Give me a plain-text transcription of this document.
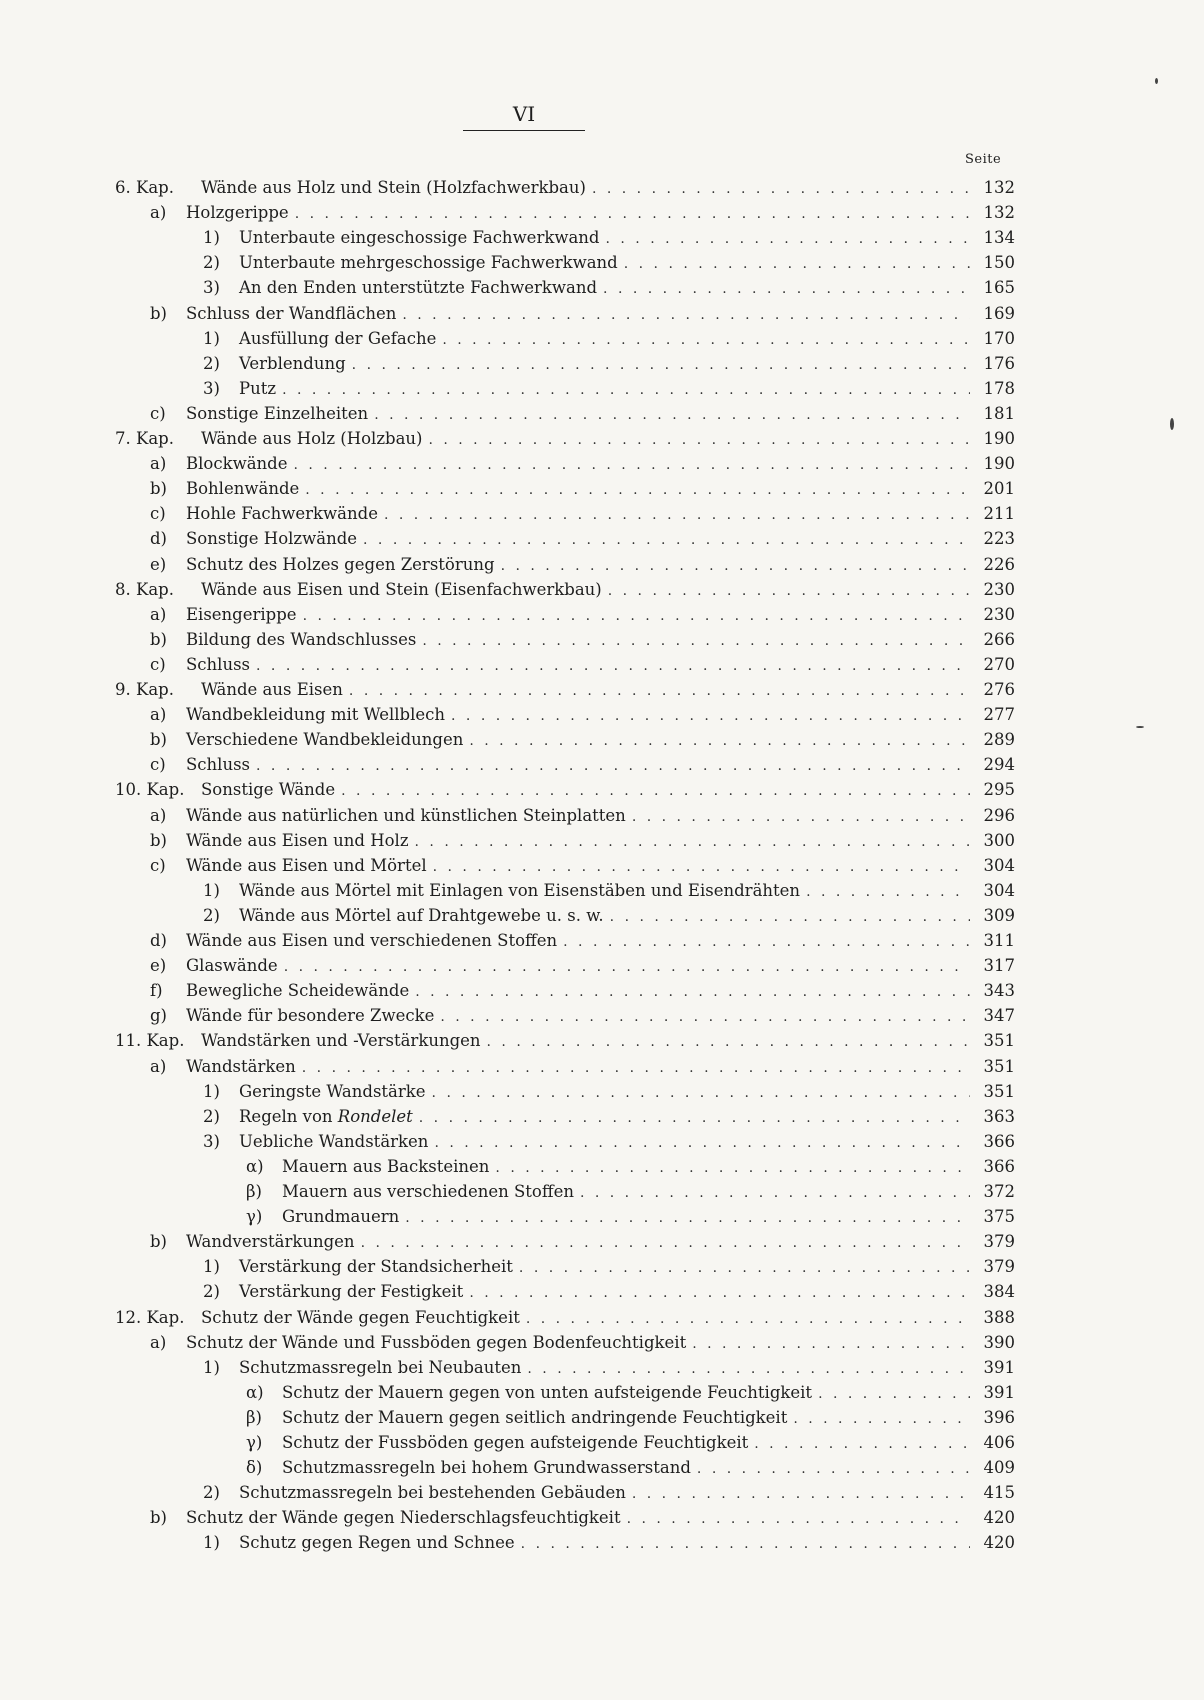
VI
Seite
6. Kap.	Wände aus Holz und Stein (Holzfachwerkbau) . . .	132
a)	Holzgerippe . . .	132
1)	Unterbaute eingeschossige Fachwerkwand . . .	134
2)	Unterbaute mehrgeschossige Fachwerkwand . . .	150
3)	An den Enden unterstützte Fachwerkwand . . .	165
b)	Schluss der Wandflächen . . .	169
1)	Ausfüllung der Gefache . . .	170
2)	Verblendung . . .	176
3)	Putz . . .	178
c)	Sonstige Einzelheiten . . .	181
7. Kap.	Wände aus Holz (Holzbau) . . .	190
a)	Blockwände . . .	190
b)	Bohlenwände . . .	201
c)	Hohle Fachwerkwände . . .	211
d)	Sonstige Holzwände . . .	223
e)	Schutz des Holzes gegen Zerstörung . . .	226
8. Kap.	Wände aus Eisen und Stein (Eisenfachwerkbau) . . .	230
a)	Eisengerippe . . .	230
b)	Bildung des Wandschlusses . . .	266
c)	Schluss . . .	270
9. Kap.	Wände aus Eisen . . .	276
a)	Wandbekleidung mit Wellblech . . .	277
b)	Verschiedene Wandbekleidungen . . .	289
c)	Schluss . . .	294
10. Kap.	Sonstige Wände . . .	295
a)	Wände aus natürlichen und künstlichen Steinplatten . . .	296
b)	Wände aus Eisen und Holz . . .	300
c)	Wände aus Eisen und Mörtel . . .	304
1)	Wände aus Mörtel mit Einlagen von Eisenstäben und Eisendrähten . . .	304
2)	Wände aus Mörtel auf Drahtgewebe u. s. w. . . .	309
d)	Wände aus Eisen und verschiedenen Stoffen . . .	311
e)	Glaswände . . .	317
f)	Bewegliche Scheidewände . . .	343
g)	Wände für besondere Zwecke . . .	347
11. Kap.	Wandstärken und -Verstärkungen . . .	351
a)	Wandstärken . . .	351
1)	Geringste Wandstärke . . .	351
2)	Regeln von Rondelet . . .	363
3)	Uebliche Wandstärken . . .	366
α)	Mauern aus Backsteinen . . .	366
β)	Mauern aus verschiedenen Stoffen . . .	372
γ)	Grundmauern . . .	375
b)	Wandverstärkungen . . .	379
1)	Verstärkung der Standsicherheit . . .	379
2)	Verstärkung der Festigkeit . . .	384
12. Kap.	Schutz der Wände gegen Feuchtigkeit . . .	388
a)	Schutz der Wände und Fussböden gegen Bodenfeuchtigkeit . . .	390
1)	Schutzmassregeln bei Neubauten . . .	391
α)	Schutz der Mauern gegen von unten aufsteigende Feuchtigkeit . . .	391
β)	Schutz der Mauern gegen seitlich andringende Feuchtigkeit . . .	396
γ)	Schutz der Fussböden gegen aufsteigende Feuchtigkeit . . .	406
δ)	Schutzmassregeln bei hohem Grundwasserstand . . .	409
2)	Schutzmassregeln bei bestehenden Gebäuden . . .	415
b)	Schutz der Wände gegen Niederschlagsfeuchtigkeit . . .	420
1)	Schutz gegen Regen und Schnee . . .	420
